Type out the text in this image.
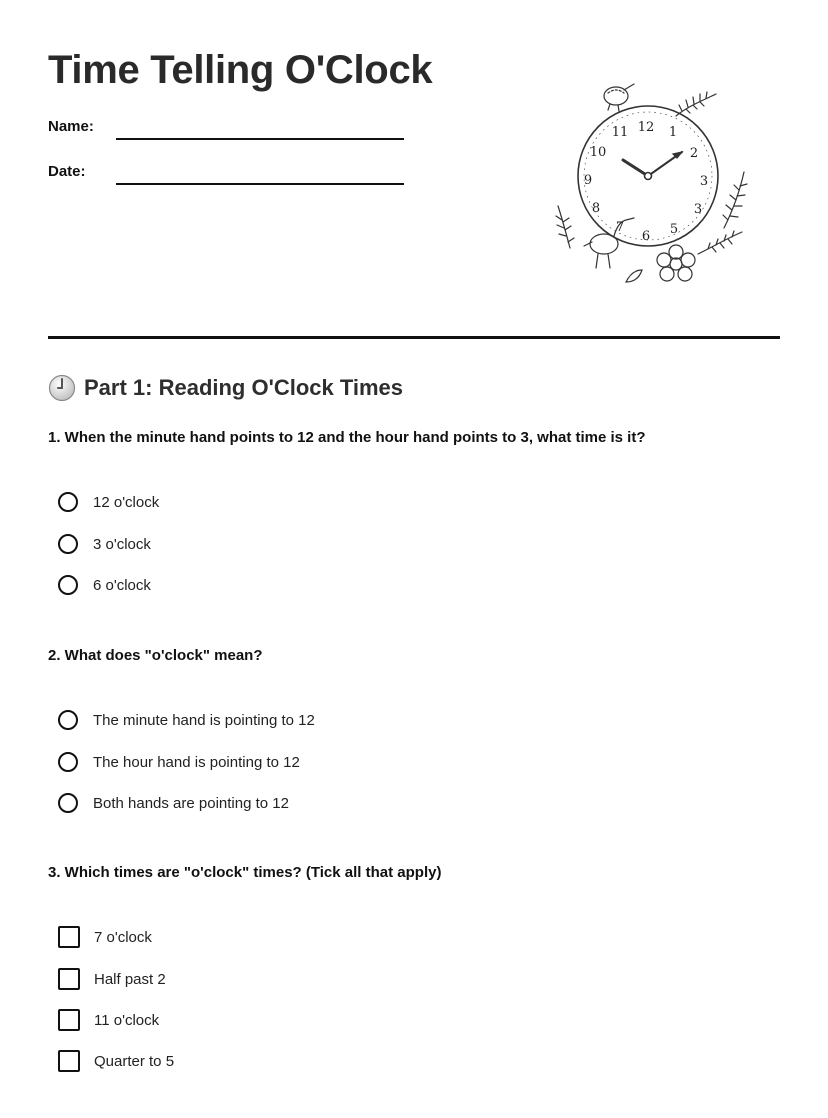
Time Telling O'Clock
Name:
Date:
12 1
2
3
3
5
6
7
8
9
10
11
Part 1: Reading O'Clock Times

1. When the minute hand points to 12 and the hour hand points to 3, what time is it?

12 o'clock
3 o'clock
6 o'clock

2. What does "o'clock" mean?

The minute hand is pointing to 12
The hour hand is pointing to 12
Both hands are pointing to 12

3. Which times are "o'clock" times? (Tick all that apply)

7 o'clock
Half past 2
11 o'clock
Quarter to 5
